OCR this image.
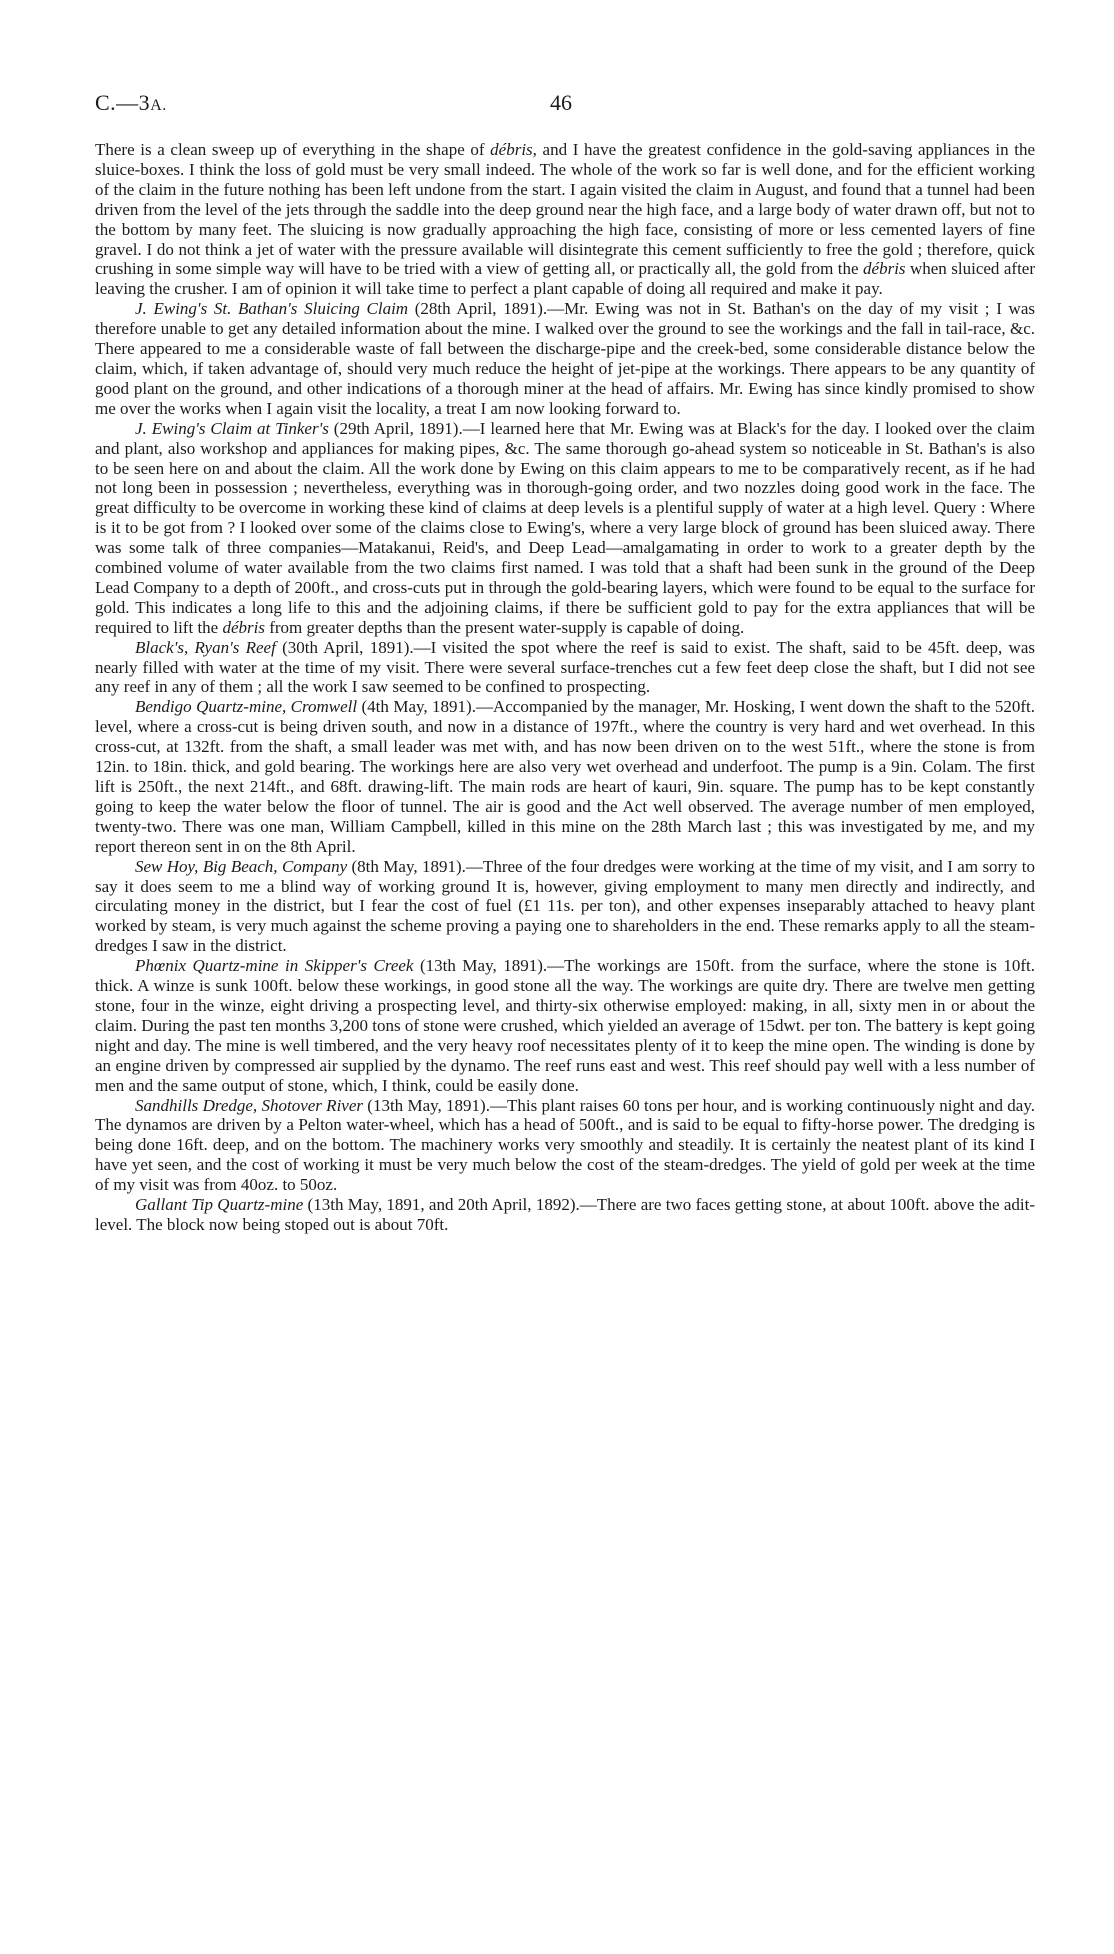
C.—3A.	46

There is a clean sweep up of everything in the shape of débris, and I have the greatest confidence in the gold-saving appliances in the sluice-boxes. I think the loss of gold must be very small indeed. The whole of the work so far is well done, and for the efficient working of the claim in the future nothing has been left undone from the start. I again visited the claim in August, and found that a tunnel had been driven from the level of the jets through the saddle into the deep ground near the high face, and a large body of water drawn off, but not to the bottom by many feet. The sluicing is now gradually approaching the high face, consisting of more or less cemented layers of fine gravel. I do not think a jet of water with the pressure available will disintegrate this cement sufficiently to free the gold ; therefore, quick crushing in some simple way will have to be tried with a view of getting all, or practically all, the gold from the débris when sluiced after leaving the crusher. I am of opinion it will take time to perfect a plant capable of doing all required and make it pay.

J. Ewing's St. Bathan's Sluicing Claim (28th April, 1891).—Mr. Ewing was not in St. Bathan's on the day of my visit ; I was therefore unable to get any detailed information about the mine. I walked over the ground to see the workings and the fall in tail-race, &c. There appeared to me a considerable waste of fall between the discharge-pipe and the creek-bed, some considerable distance below the claim, which, if taken advantage of, should very much reduce the height of jet-pipe at the workings. There appears to be any quantity of good plant on the ground, and other indications of a thorough miner at the head of affairs. Mr. Ewing has since kindly promised to show me over the works when I again visit the locality, a treat I am now looking forward to.

J. Ewing's Claim at Tinker's (29th April, 1891).—I learned here that Mr. Ewing was at Black's for the day. I looked over the claim and plant, also workshop and appliances for making pipes, &c. The same thorough go-ahead system so noticeable in St. Bathan's is also to be seen here on and about the claim. All the work done by Ewing on this claim appears to me to be comparatively recent, as if he had not long been in possession ; nevertheless, everything was in thorough-going order, and two nozzles doing good work in the face. The great difficulty to be overcome in working these kind of claims at deep levels is a plentiful supply of water at a high level. Query : Where is it to be got from ? I looked over some of the claims close to Ewing's, where a very large block of ground has been sluiced away. There was some talk of three companies—Matakanui, Reid's, and Deep Lead—amalgamating in order to work to a greater depth by the combined volume of water available from the two claims first named. I was told that a shaft had been sunk in the ground of the Deep Lead Company to a depth of 200ft., and cross-cuts put in through the gold-bearing layers, which were found to be equal to the surface for gold. This indicates a long life to this and the adjoining claims, if there be sufficient gold to pay for the extra appliances that will be required to lift the débris from greater depths than the present water-supply is capable of doing.

Black's, Ryan's Reef (30th April, 1891).—I visited the spot where the reef is said to exist. The shaft, said to be 45ft. deep, was nearly filled with water at the time of my visit. There were several surface-trenches cut a few feet deep close the shaft, but I did not see any reef in any of them ; all the work I saw seemed to be confined to prospecting.

Bendigo Quartz-mine, Cromwell (4th May, 1891).—Accompanied by the manager, Mr. Hosking, I went down the shaft to the 520ft. level, where a cross-cut is being driven south, and now in a distance of 197ft., where the country is very hard and wet overhead. In this cross-cut, at 132ft. from the shaft, a small leader was met with, and has now been driven on to the west 51ft., where the stone is from 12in. to 18in. thick, and gold bearing. The workings here are also very wet overhead and underfoot. The pump is a 9in. Colam. The first lift is 250ft., the next 214ft., and 68ft. drawing-lift. The main rods are heart of kauri, 9in. square. The pump has to be kept constantly going to keep the water below the floor of tunnel. The air is good and the Act well observed. The average number of men employed, twenty-two. There was one man, William Campbell, killed in this mine on the 28th March last ; this was investigated by me, and my report thereon sent in on the 8th April.

Sew Hoy, Big Beach, Company (8th May, 1891).—Three of the four dredges were working at the time of my visit, and I am sorry to say it does seem to me a blind way of working ground It is, however, giving employment to many men directly and indirectly, and circulating money in the district, but I fear the cost of fuel (£1 11s. per ton), and other expenses inseparably attached to heavy plant worked by steam, is very much against the scheme proving a paying one to shareholders in the end. These remarks apply to all the steam-dredges I saw in the district.

Phœnix Quartz-mine in Skipper's Creek (13th May, 1891).—The workings are 150ft. from the surface, where the stone is 10ft. thick. A winze is sunk 100ft. below these workings, in good stone all the way. The workings are quite dry. There are twelve men getting stone, four in the winze, eight driving a prospecting level, and thirty-six otherwise employed: making, in all, sixty men in or about the claim. During the past ten months 3,200 tons of stone were crushed, which yielded an average of 15dwt. per ton. The battery is kept going night and day. The mine is well timbered, and the very heavy roof necessitates plenty of it to keep the mine open. The winding is done by an engine driven by compressed air supplied by the dynamo. The reef runs east and west. This reef should pay well with a less number of men and the same output of stone, which, I think, could be easily done.

Sandhills Dredge, Shotover River (13th May, 1891).—This plant raises 60 tons per hour, and is working continuously night and day. The dynamos are driven by a Pelton water-wheel, which has a head of 500ft., and is said to be equal to fifty-horse power. The dredging is being done 16ft. deep, and on the bottom. The machinery works very smoothly and steadily. It is certainly the neatest plant of its kind I have yet seen, and the cost of working it must be very much below the cost of the steam-dredges. The yield of gold per week at the time of my visit was from 40oz. to 50oz.

Gallant Tip Quartz-mine (13th May, 1891, and 20th April, 1892).—There are two faces getting stone, at about 100ft. above the adit-level. The block now being stoped out is about 70ft.
